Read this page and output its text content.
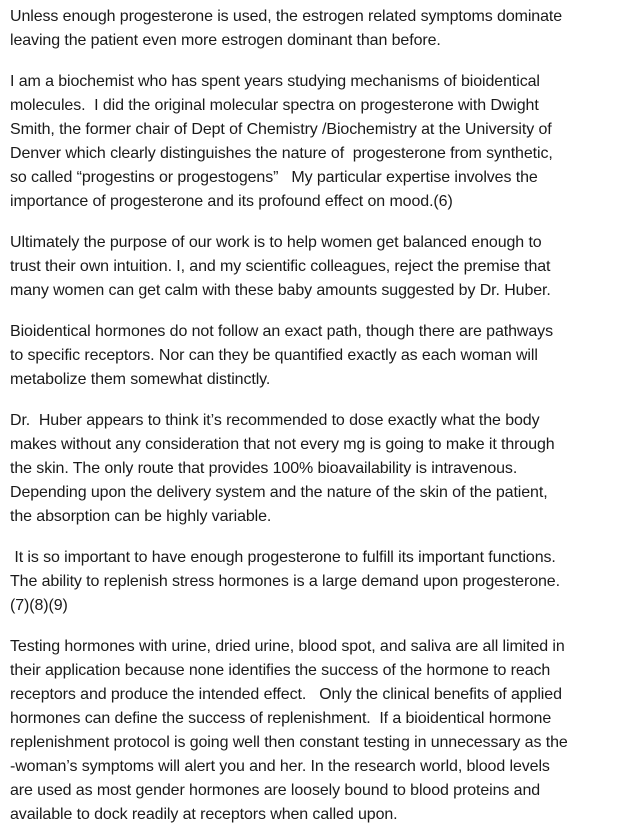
Unless enough progesterone is used, the estrogen related symptoms dominate
leaving the patient even more estrogen dominant than before.

I am a biochemist who has spent years studying mechanisms of bioidentical
molecules.  I did the original molecular spectra on progesterone with Dwight
Smith, the former chair of Dept of Chemistry /Biochemistry at the University of
Denver which clearly distinguishes the nature of  progesterone from synthetic,
so called “progestins or progestogens”   My particular expertise involves the
importance of progesterone and its profound effect on mood.(6)

Ultimately the purpose of our work is to help women get balanced enough to
trust their own intuition. I, and my scientific colleagues, reject the premise that
many women can get calm with these baby amounts suggested by Dr. Huber.

Bioidentical hormones do not follow an exact path, though there are pathways
to specific receptors. Nor can they be quantified exactly as each woman will
metabolize them somewhat distinctly.

Dr.  Huber appears to think it’s recommended to dose exactly what the body
makes without any consideration that not every mg is going to make it through
the skin. The only route that provides 100% bioavailability is intravenous.
Depending upon the delivery system and the nature of the skin of the patient,
the absorption can be highly variable.

It is so important to have enough progesterone to fulfill its important functions.
The ability to replenish stress hormones is a large demand upon progesterone.
(7)(8)(9)

Testing hormones with urine, dried urine, blood spot, and saliva are all limited in
their application because none identifies the success of the hormone to reach
receptors and produce the intended effect.   Only the clinical benefits of applied
hormones can define the success of replenishment.  If a bioidentical hormone
replenishment protocol is going well then constant testing in unnecessary as the
-woman’s symptoms will alert you and her. In the research world, blood levels
are used as most gender hormones are loosely bound to blood proteins and
available to dock readily at receptors when called upon.
